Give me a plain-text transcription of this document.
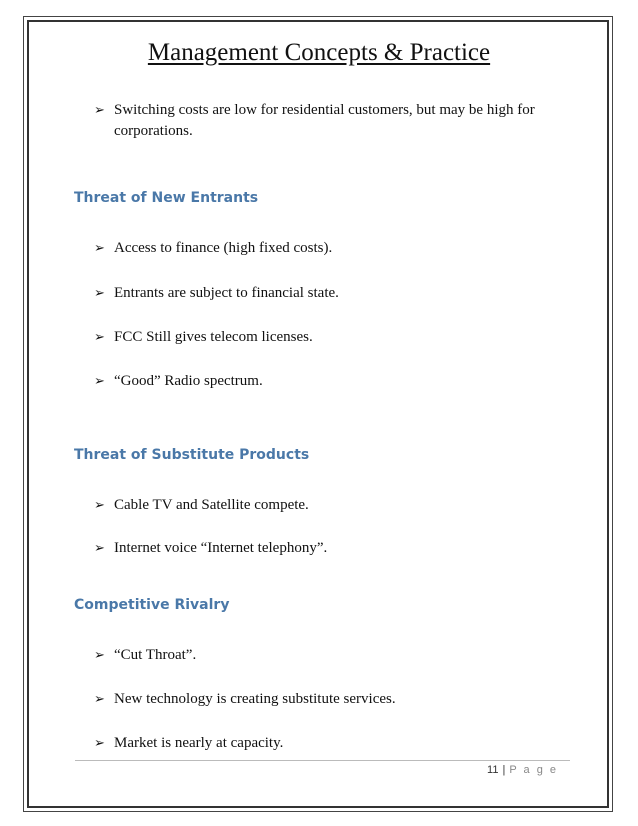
Management Concepts & Practice
➢ Switching costs are low for residential customers, but may be high for corporations.
Threat of New Entrants
➢ Access to finance (high fixed costs).
➢ Entrants are subject to financial state.
➢ FCC Still gives telecom licenses.
➢ “Good” Radio spectrum.
Threat of Substitute Products
➢ Cable TV and Satellite compete.
➢ Internet voice “Internet telephony”.
Competitive Rivalry
➢ “Cut Throat”.
➢ New technology is creating substitute services.
➢ Market is nearly at capacity.
11 | P a g e
